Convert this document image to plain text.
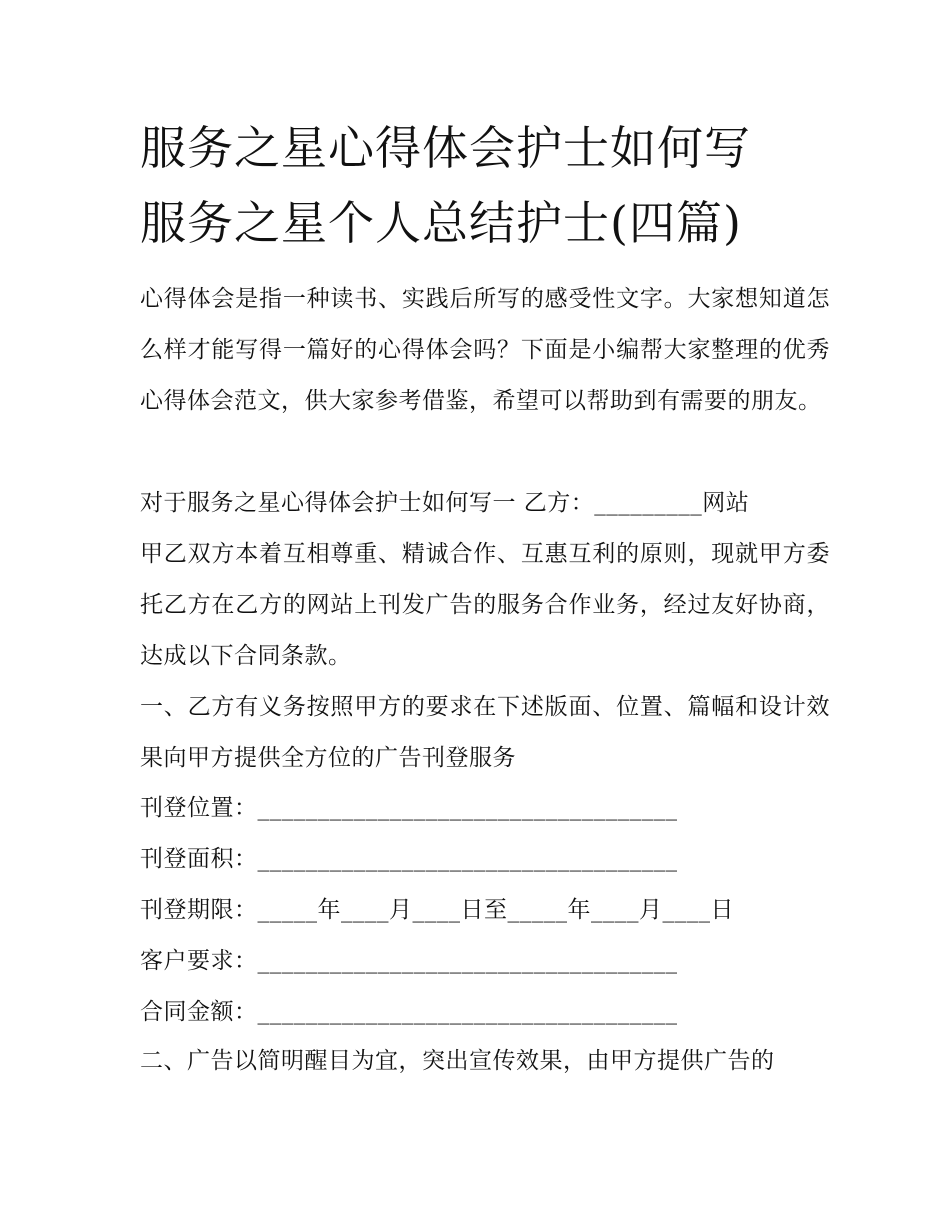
服务之星心得体会护士如何写
服务之星个人总结护士(四篇)
心得体会是指一种读书、实践后所写的感受性文字。大家想知道怎么样才能写得一篇好的心得体会吗？下面是小编帮大家整理的优秀心得体会范文，供大家参考借鉴，希望可以帮助到有需要的朋友。
对于服务之星心得体会护士如何写一 乙方：_________网站
甲乙双方本着互相尊重、精诚合作、互惠互利的原则，现就甲方委托乙方在乙方的网站上刊发广告的服务合作业务，经过友好协商，达成以下合同条款。
一、乙方有义务按照甲方的要求在下述版面、位置、篇幅和设计效果向甲方提供全方位的广告刊登服务
刊登位置：___________________________________
刊登面积：___________________________________
刊登期限：_____年____月____日至_____年____月____日
客户要求：___________________________________
合同金额：___________________________________
二、广告以简明醒目为宜，突出宣传效果，由甲方提供广告的
